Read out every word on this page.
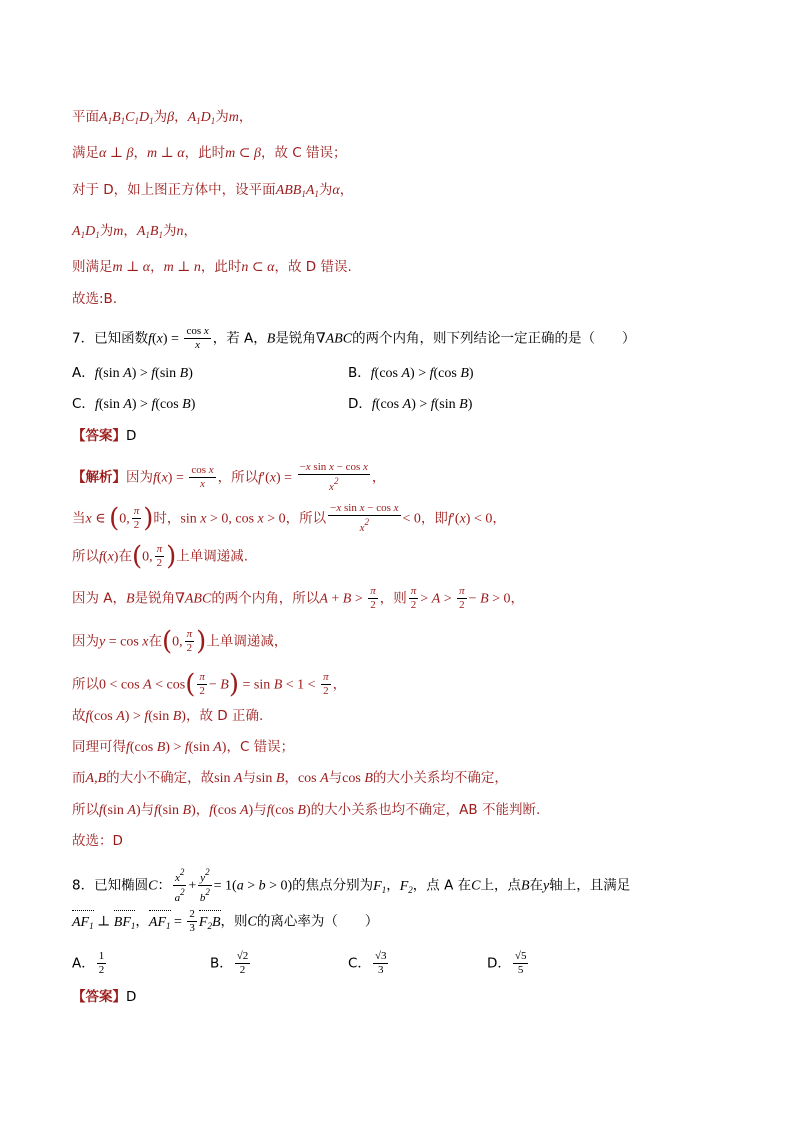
平面$A_1B_1C_1D_1$为β，$A_1D_1$为m，
满足α ⊥ β，m ⊥ α，此时m ⊂ β，故 C 错误；
对于 D，如上图正方体中，设平面$ABB_1A_1$为α，
$A_1D_1$为m，$A_1B_1$为n，
则满足m ⊥ α，m ⊥ n，此时n ⊂ α，故 D 错误.
故选:B.
7．已知函数$f(x) = \frac{\text{cos x}}{x}$ ，若 A，B是锐角∇ABC的两个内角，则下列结论一定正确的是（　　）
A．f(sin A) > f(sin B)	B．f(cos A) > f(cos B)
C．f(sin A) > f(cos B)	D．f(cos A) > f(sin B)
【答案】D
【解析】因为$f(x) = \frac{\text{cos x}}{x}$ ，所以$f'(x) = \frac{\text{−x sin x − cos x}}{x^2}$ ，
当x ∈ (0, $\frac{\pi}{2}$ )时，sin x > 0, cos x > 0，所以 $\frac{\text{−x sin x − cos x}}{x^2} < 0$，即f′(x) < 0，
所以f(x)在(0, $\frac{\pi}{2}$ )上单调递减.
因为 A，B是锐角∇ABC的两个内角，所以$A + B > \frac{\pi}{2}$ ，则 $\frac{\pi}{2} > A > \frac{\pi}{2} - B > 0$，
因为y = cos x在(0, $\frac{\pi}{2}$ )上单调递减，
所以$0 < \cos A < \cos( \frac{\pi}{2} - B) = \sin B < 1 < \frac{\pi}{2}$ ，
故f(cos A) > f(sin B)，故 D 正确.
同理可得f(cos B) > f(sin A)，C 错误；
而A,B的大小不确定，故sin A与sin B，cos A与cos B的大小关系均不确定，
所以f(sin A)与f(sin B)，f(cos A)与f(cos B)的大小关系也均不确定，AB 不能判断.
故选：D
8．已知椭圆C： $\frac{x^2}{a^2} + \frac{y^2}{b^2} = 1(a > b > 0)$的焦点分别为$F_1$，$F_2$，点 A 在C上，点B在y轴上，且满足
$AF_1$ ⊥ $BF_1$，$AF_1 = \frac{2}{3} F_2B$，则C的离心率为（　　）
A． $\frac{1}{2}$	B． $\frac{√2}{2}$	C． $\frac{√3}{3}$	D． $\frac{√5}{5}$
【答案】D
